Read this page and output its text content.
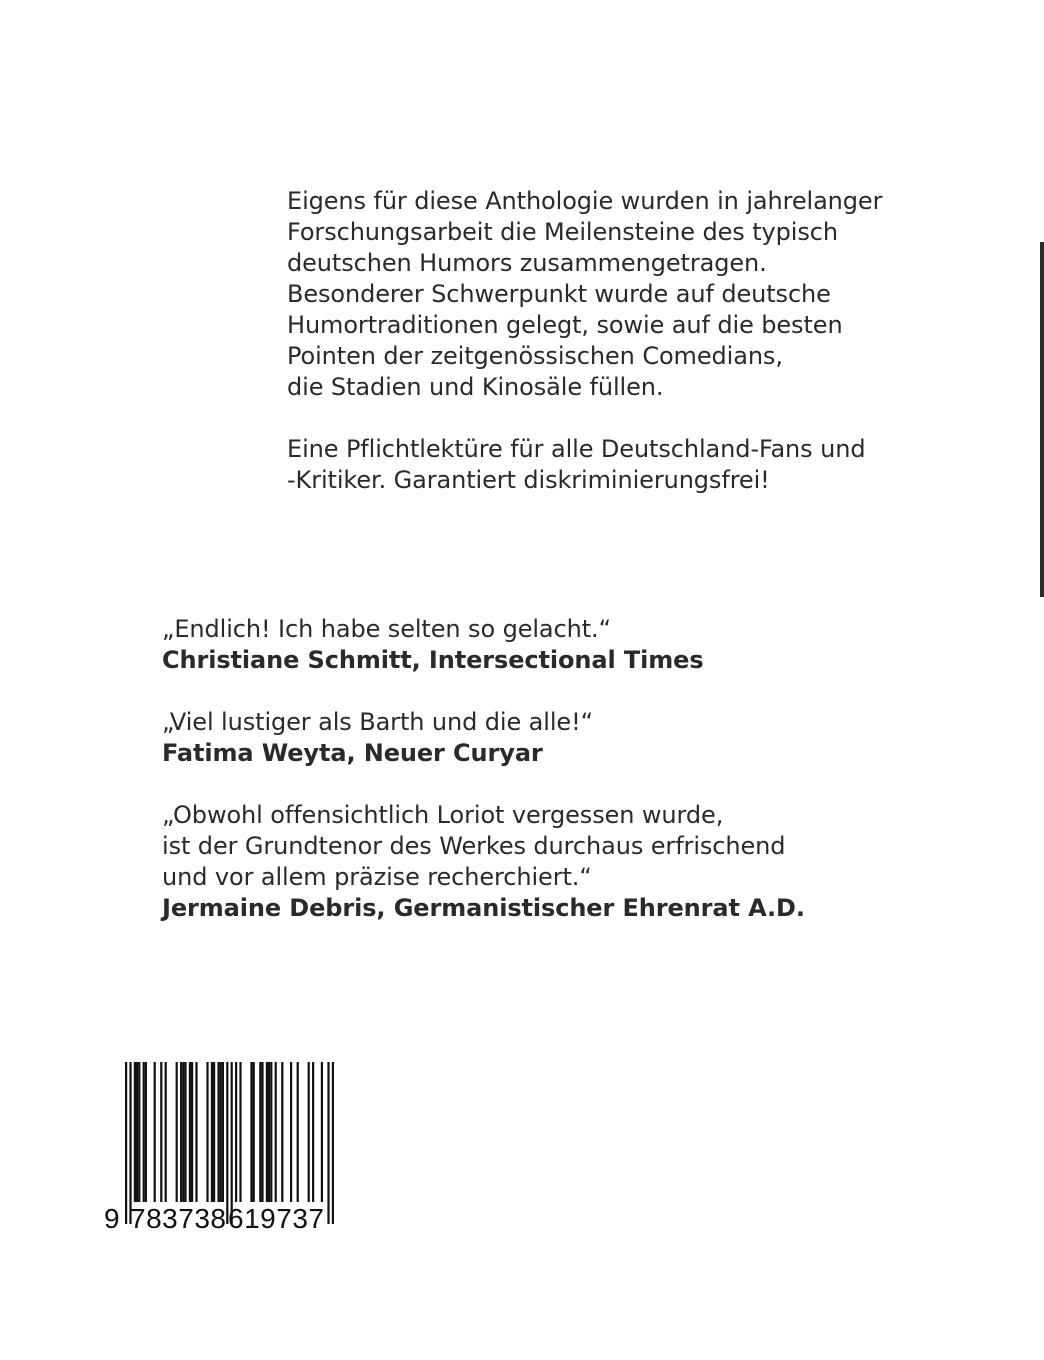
Eigens für diese Anthologie wurden in jahrelanger
Forschungsarbeit die Meilensteine des typisch
deutschen Humors zusammengetragen.
Besonderer Schwerpunkt wurde auf deutsche
Humortraditionen gelegt, sowie auf die besten
Pointen der zeitgenössischen Comedians,
die Stadien und Kinosäle füllen.

Eine Pflichtlektüre für alle Deutschland-Fans und
-Kritiker. Garantiert diskriminierungsfrei!

„Endlich! Ich habe selten so gelacht.“
Christiane Schmitt, Intersectional Times
„Viel lustiger als Barth und die alle!“
Fatima Weyta, Neuer Curyar
„Obwohl offensichtlich Loriot vergessen wurde,
ist der Grundtenor des Werkes durchaus erfrischend
und vor allem präzise recherchiert.“
Jermaine Debris, Germanistischer Ehrenrat A.D.
9 783738 619737
